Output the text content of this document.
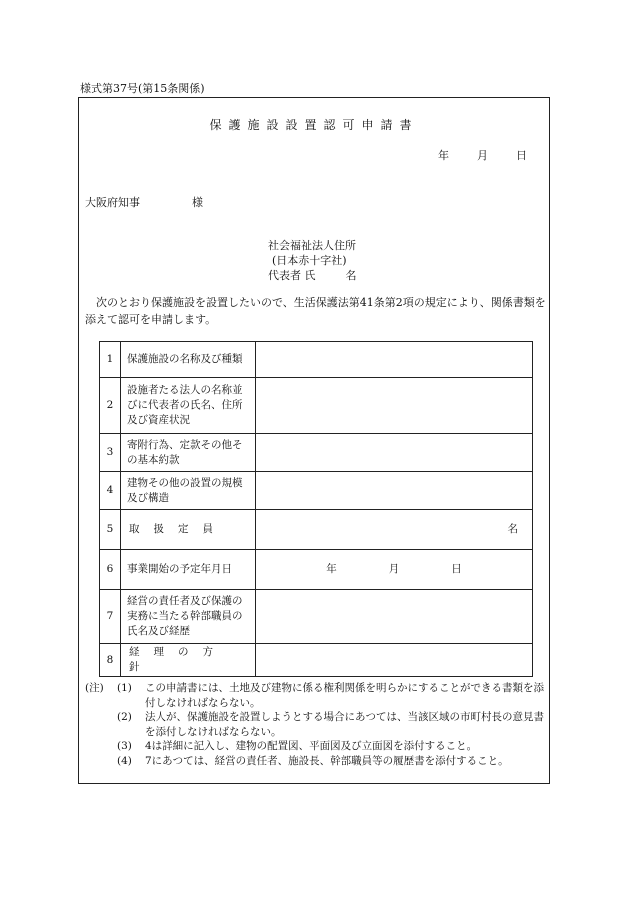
様式第37号(第15条関係)
保護施設設置認可申請書
年	月	日
大阪府知事	様
社会福祉法人住所
(日本赤十字社)
代表者 氏	名
次のとおり保護施設を設置したいので、生活保護法第41条第2項の規定により、関係書類を添えて認可を申請します。
1	保護施設の名称及び種類	
2	設施者たる法人の名称並びに代表者の氏名、住所及び資産状況	
3	寄附行為、定款その他その基本約款	
4	建物その他の設置の規模及び構造	
5	取扱定員	名
6	事業開始の予定年月日	年 月 日

7	経営の責任者及び保護の実務に当たる幹部職員の氏名及び経歴	
8	経理の方針	
(注)	(1)	この申請書には、土地及び建物に係る権利関係を明らかにすることができる書類を添付しなければならない。
(2)	法人が、保護施設を設置しようとする場合にあつては、当該区域の市町村長の意見書を添付しなければならない。
(3)	4は詳細に記入し、建物の配置図、平面図及び立面図を添付すること。
(4)	7にあつては、経営の責任者、施設長、幹部職員等の履歴書を添付すること。
